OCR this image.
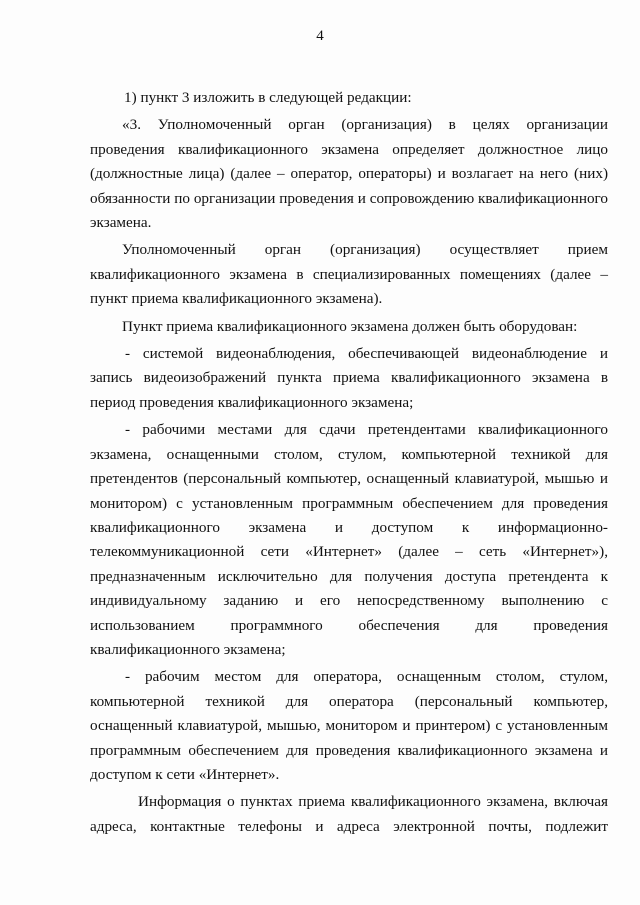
4

1) пункт 3 изложить в следующей редакции:

«3. Уполномоченный орган (организация) в целях организации проведения квалификационного экзамена определяет должностное лицо (должностные лица) (далее – оператор, операторы) и возлагает на него (них) обязанности по организации проведения и сопровождению квалификационного экзамена.

Уполномоченный орган (организация) осуществляет прием квалификационного экзамена в специализированных помещениях (далее – пункт приема квалификационного экзамена).

Пункт приема квалификационного экзамена должен быть оборудован:

- системой видеонаблюдения, обеспечивающей видеонаблюдение и запись видеоизображений пункта приема квалификационного экзамена в период проведения квалификационного экзамена;

- рабочими местами для сдачи претендентами квалификационного экзамена, оснащенными столом, стулом, компьютерной техникой для претендентов (персональный компьютер, оснащенный клавиатурой, мышью и монитором) с установленным программным обеспечением для проведения квалификационного экзамена и доступом к информационно-телекоммуникационной сети «Интернет» (далее – сеть «Интернет»), предназначенным исключительно для получения доступа претендента к индивидуальному заданию и его непосредственному выполнению с использованием программного обеспечения для проведения квалификационного экзамена;

- рабочим местом для оператора, оснащенным столом, стулом, компьютерной техникой для оператора (персональный компьютер, оснащенный клавиатурой, мышью, монитором и принтером) с установленным программным обеспечением для проведения квалификационного экзамена и доступом к сети «Интернет».

Информация о пунктах приема квалификационного экзамена, включая адреса, контактные телефоны и адреса электронной почты, подлежит
